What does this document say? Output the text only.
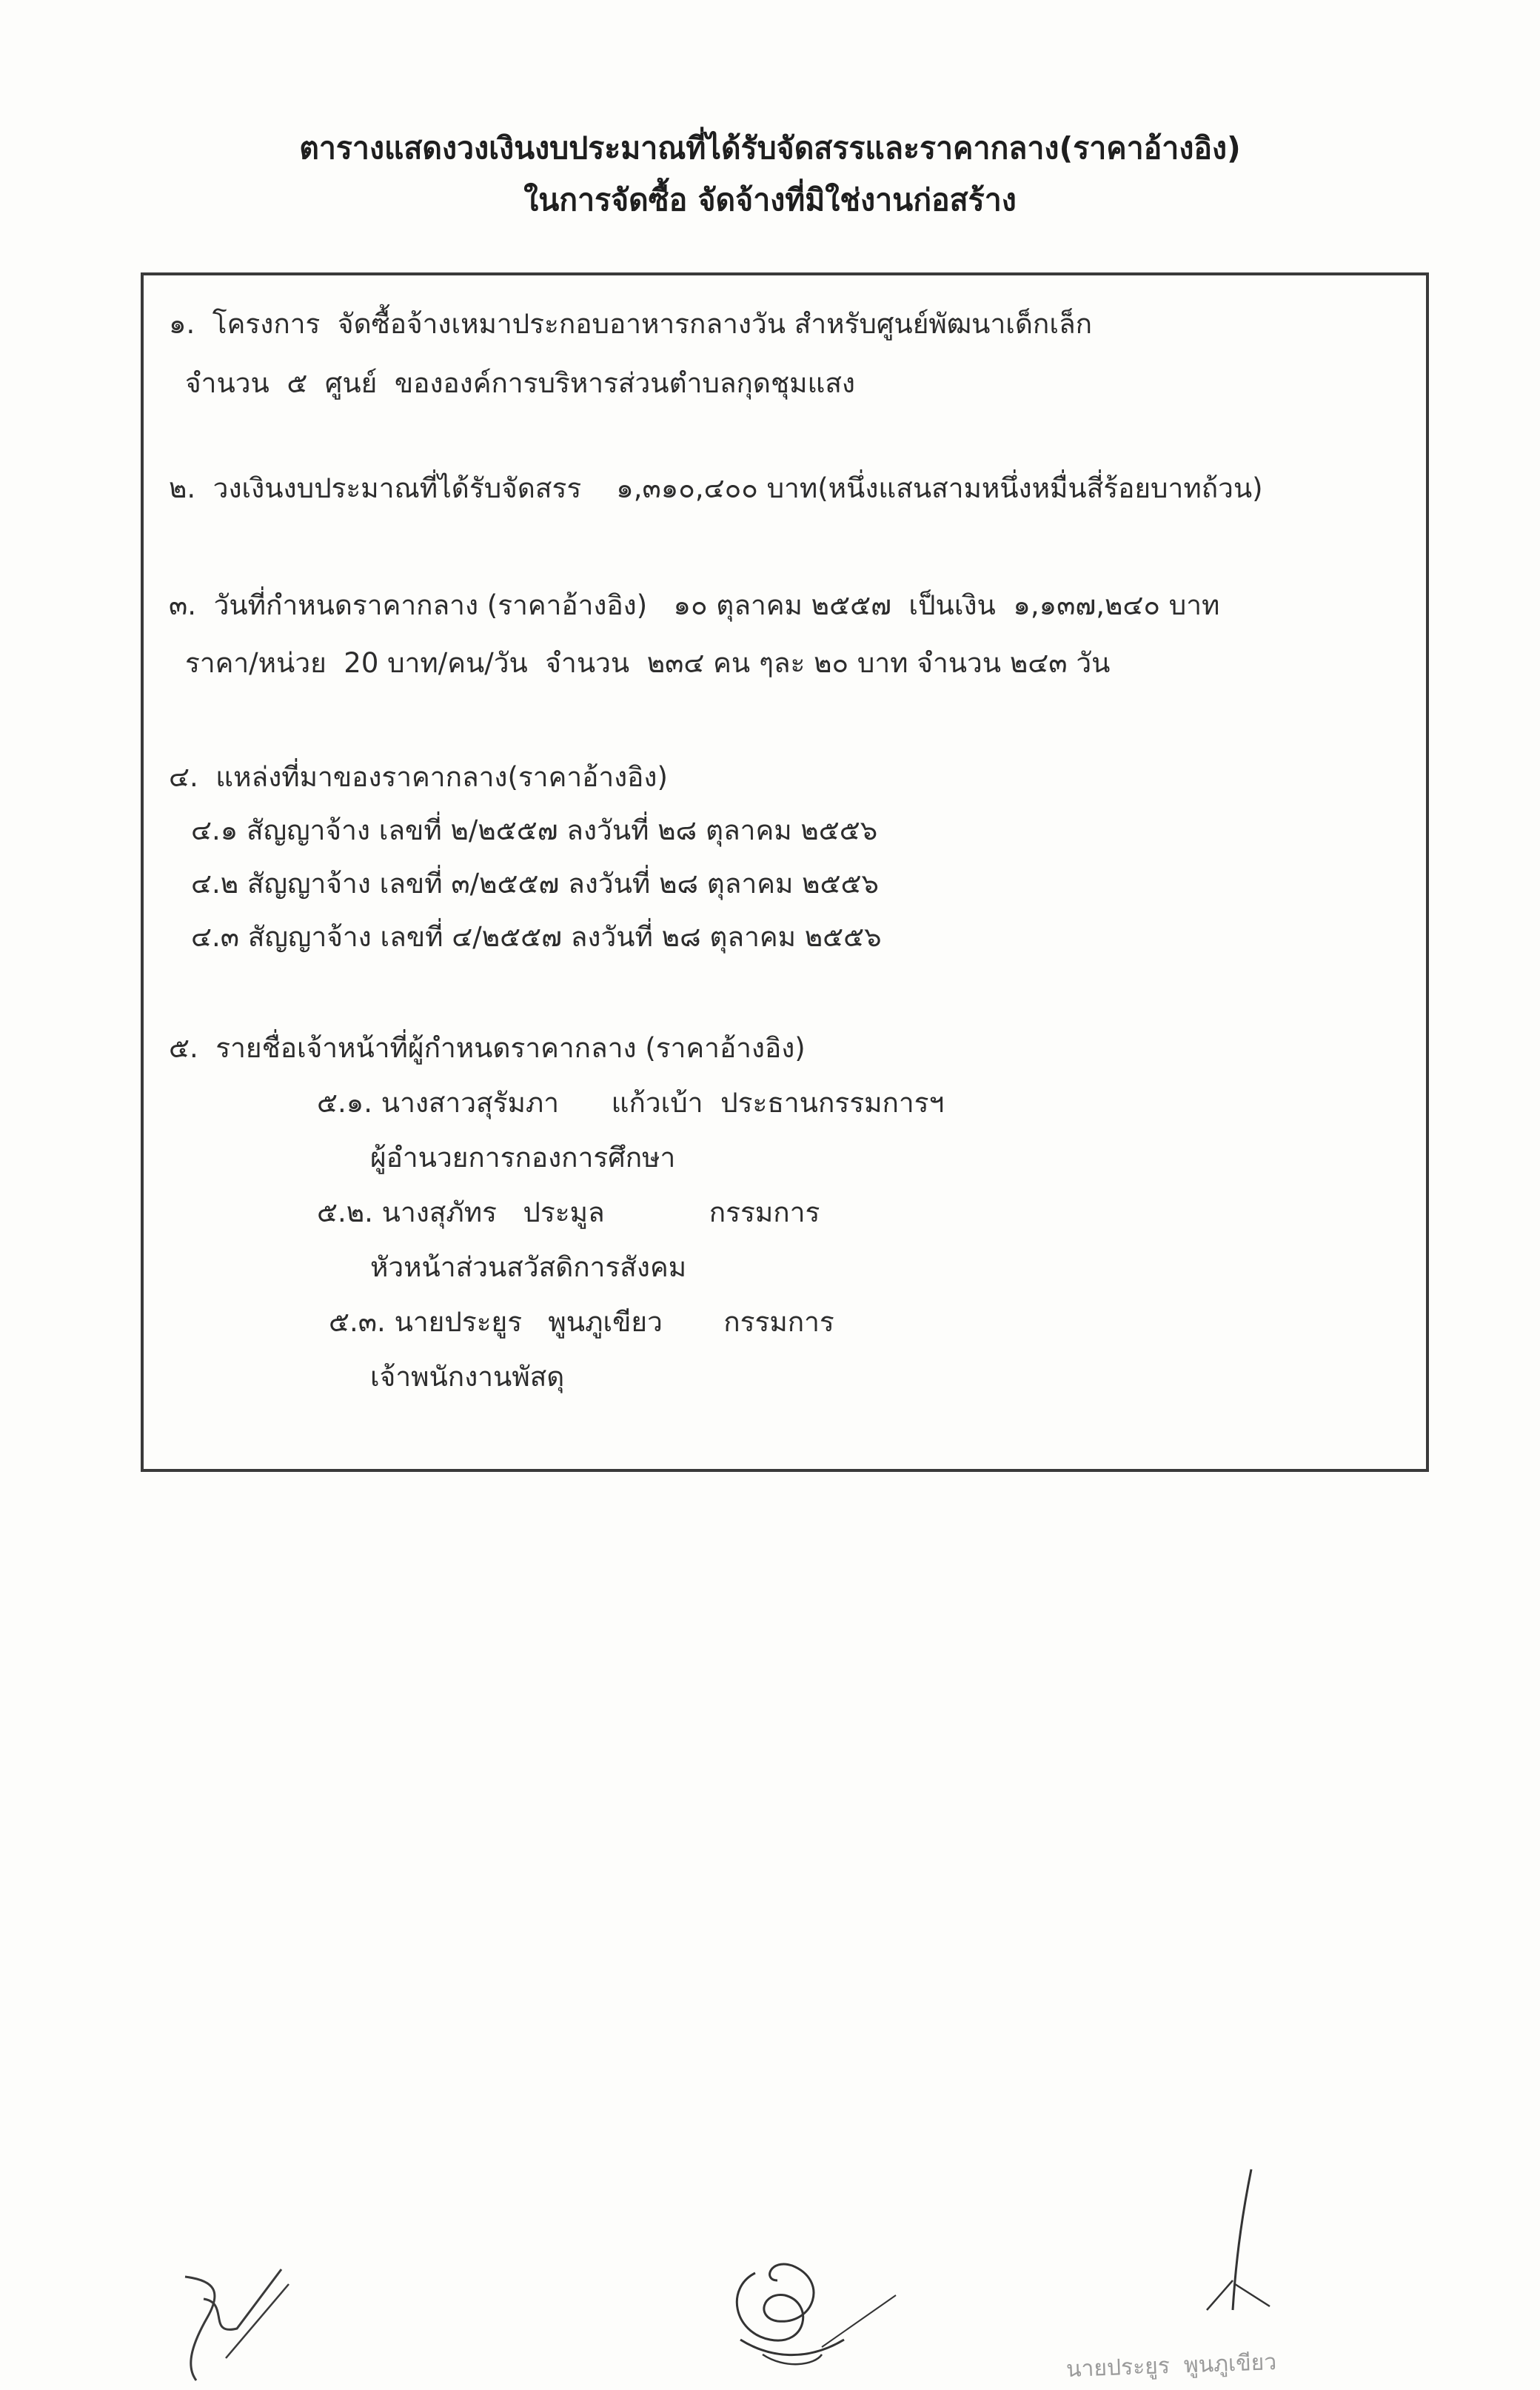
ตารางแสดงวงเงินงบประมาณที่ได้รับจัดสรรและราคากลาง(ราคาอ้างอิง)
ในการจัดซื้อ จัดจ้างที่มิใช่งานก่อสร้าง
๑.  โครงการ  จัดซื้อจ้างเหมาประกอบอาหารกลางวัน สำหรับศูนย์พัฒนาเด็กเล็ก
จำนวน  ๕  ศูนย์  ขององค์การบริหารส่วนตำบลกุดชุมแสง
๒.  วงเงินงบประมาณที่ได้รับจัดสรร    ๑,๓๑๐,๔๐๐ บาท(หนึ่งแสนสามหนึ่งหมื่นสี่ร้อยบาทถ้วน)
๓.  วันที่กำหนดราคากลาง (ราคาอ้างอิง)   ๑๐ ตุลาคม ๒๕๕๗  เป็นเงิน  ๑,๑๓๗,๒๔๐ บาท
ราคา/หน่วย  20 บาท/คน/วัน  จำนวน  ๒๓๔ คน ๆละ ๒๐ บาท จำนวน ๒๔๓ วัน
๔.  แหล่งที่มาของราคากลาง(ราคาอ้างอิง)
๔.๑ สัญญาจ้าง เลขที่ ๒/๒๕๕๗ ลงวันที่ ๒๘ ตุลาคม ๒๕๕๖
๔.๒ สัญญาจ้าง เลขที่ ๓/๒๕๕๗ ลงวันที่ ๒๘ ตุลาคม ๒๕๕๖
๔.๓ สัญญาจ้าง เลขที่ ๔/๒๕๕๗ ลงวันที่ ๒๘ ตุลาคม ๒๕๕๖
๕.  รายชื่อเจ้าหน้าที่ผู้กำหนดราคากลาง (ราคาอ้างอิง)
๕.๑. นางสาวสุรัมภา      แก้วเบ้า  ประธานกรรมการฯ
ผู้อำนวยการกองการศึกษา
๕.๒. นางสุภัทร   ประมูล            กรรมการ
หัวหน้าส่วนสวัสดิการสังคม
๕.๓. นายประยูร   พูนภูเขียว       กรรมการ
เจ้าพนักงานพัสดุ
นายประยูร  พูนภูเขียว
